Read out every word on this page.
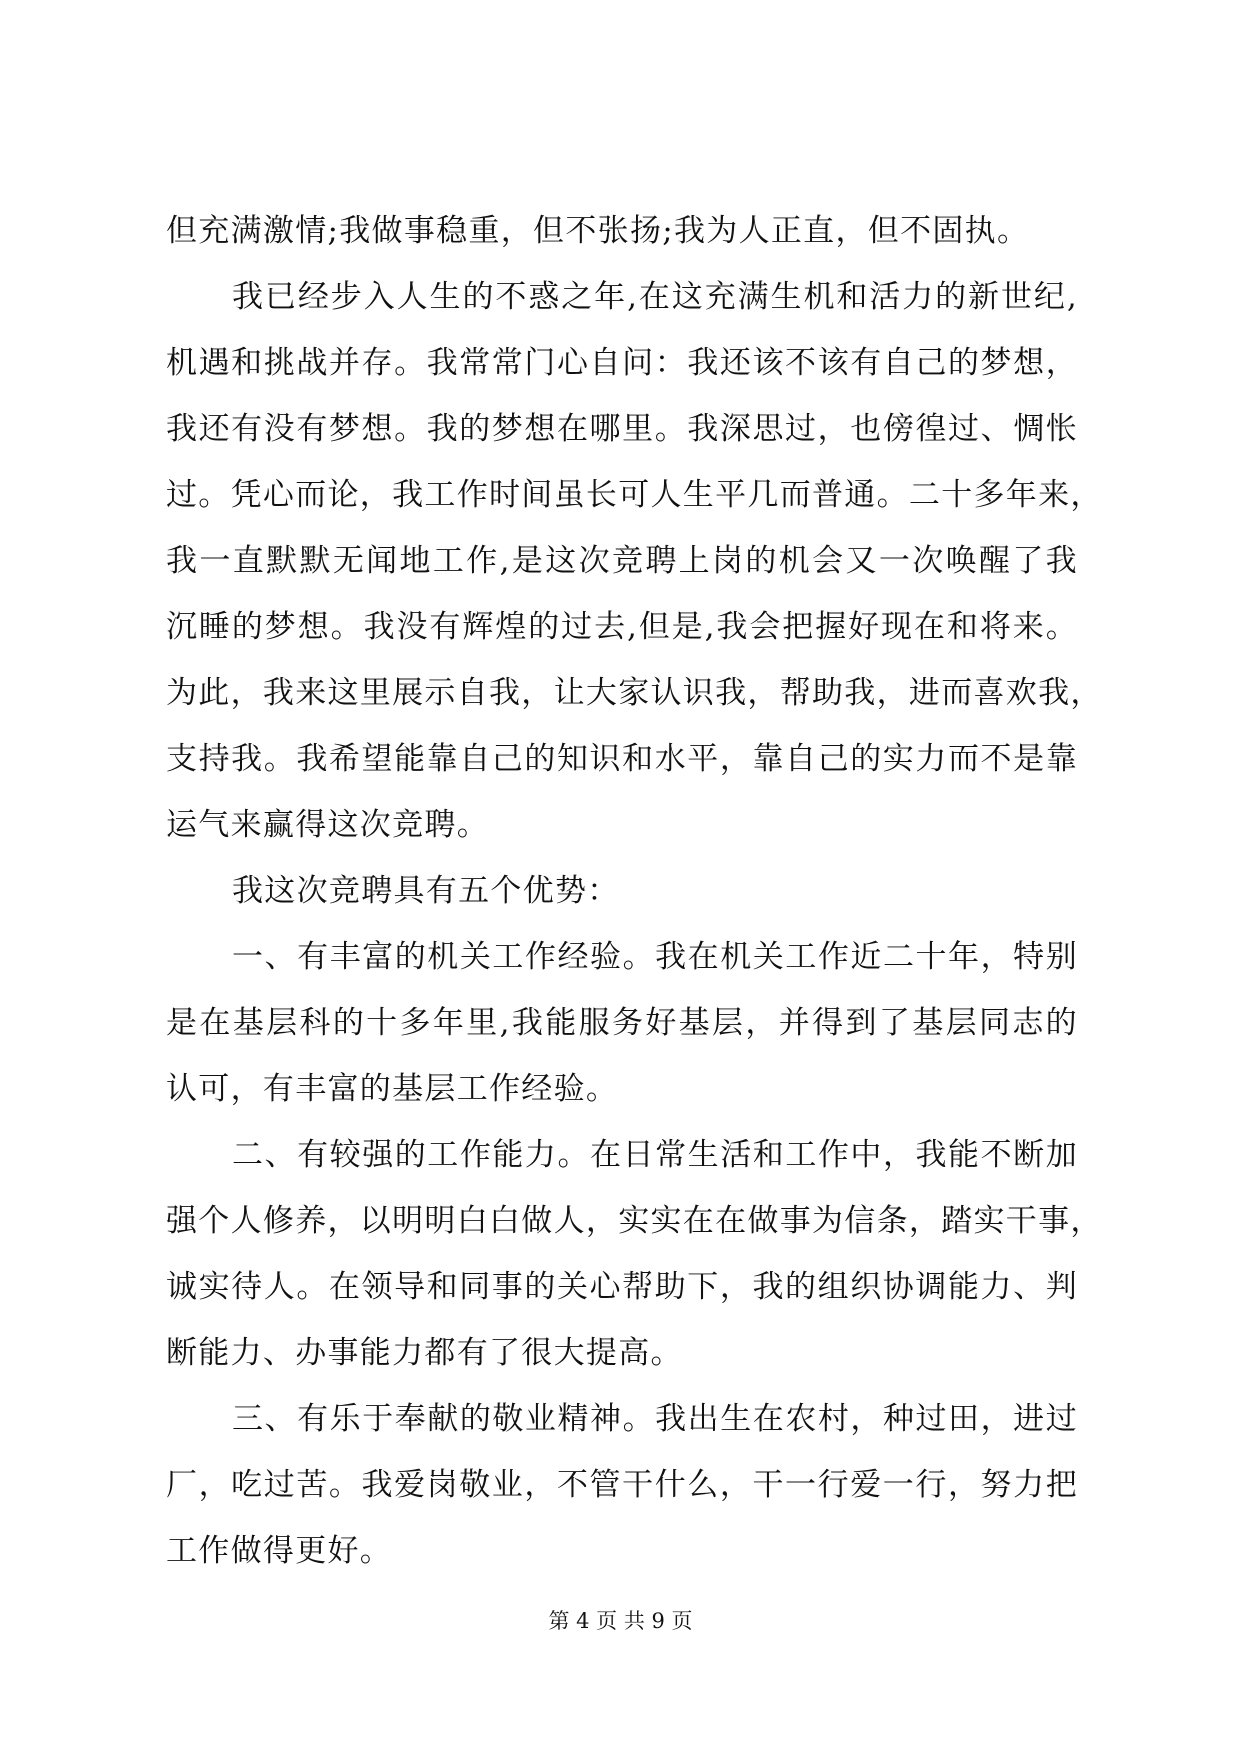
但充满激情;我做事稳重，但不张扬;我为人正直，但不固执。
我已经步入人生的不惑之年,在这充满生机和活力的新世纪,
机遇和挑战并存。我常常门心自问：我还该不该有自己的梦想，
我还有没有梦想。我的梦想在哪里。我深思过，也傍徨过、惆怅
过。凭心而论，我工作时间虽长可人生平几而普通。二十多年来，
我一直默默无闻地工作,是这次竞聘上岗的机会又一次唤醒了我
沉睡的梦想。我没有辉煌的过去,但是,我会把握好现在和将来。
为此，我来这里展示自我，让大家认识我，帮助我，进而喜欢我，
支持我。我希望能靠自己的知识和水平，靠自己的实力而不是靠
运气来赢得这次竞聘。
我这次竞聘具有五个优势：
一、有丰富的机关工作经验。我在机关工作近二十年，特别
是在基层科的十多年里,我能服务好基层，并得到了基层同志的
认可，有丰富的基层工作经验。
二、有较强的工作能力。在日常生活和工作中，我能不断加
强个人修养，以明明白白做人，实实在在做事为信条，踏实干事，
诚实待人。在领导和同事的关心帮助下，我的组织协调能力、判
断能力、办事能力都有了很大提高。
三、有乐于奉献的敬业精神。我出生在农村，种过田，进过
厂，吃过苦。我爱岗敬业，不管干什么，干一行爱一行，努力把
工作做得更好。
第 4 页 共 9 页
